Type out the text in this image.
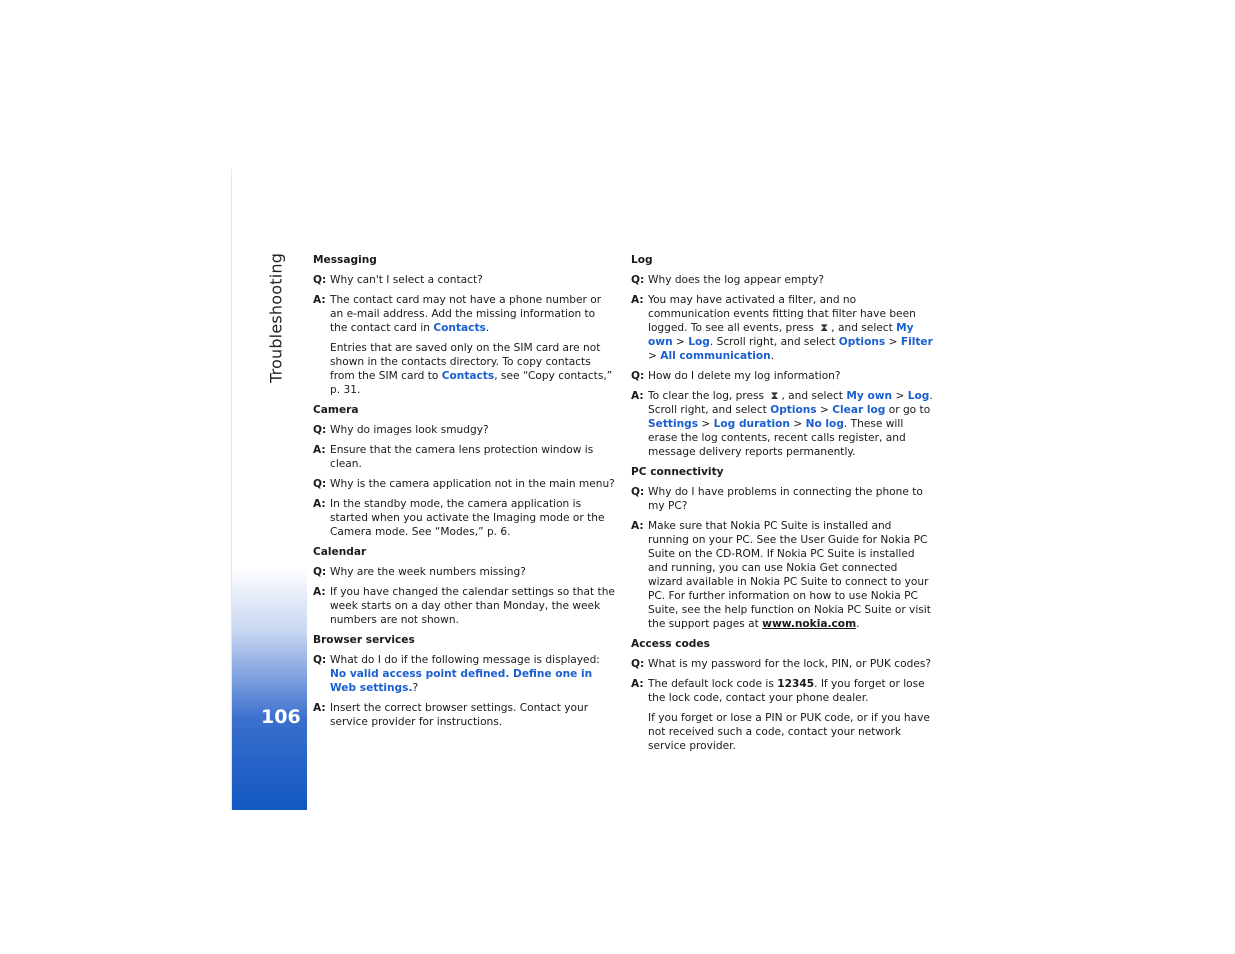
Troubleshooting
106
Messaging
Q: Why can't I select a contact?
A: The contact card may not have a phone number or an e-mail address. Add the missing information to the contact card in Contacts.
Entries that are saved only on the SIM card are not shown in the contacts directory. To copy contacts from the SIM card to Contacts, see “Copy contacts,” p. 31.
Camera
Q: Why do images look smudgy?
A: Ensure that the camera lens protection window is clean.
Q: Why is the camera application not in the main menu?
A: In the standby mode, the camera application is started when you activate the Imaging mode or the Camera mode. See “Modes,” p. 6.
Calendar
Q: Why are the week numbers missing?
A: If you have changed the calendar settings so that the week starts on a day other than Monday, the week numbers are not shown.
Browser services
Q: What do I do if the following message is displayed: No valid access point defined. Define one in Web settings.?
A: Insert the correct browser settings. Contact your service provider for instructions.
Log
Q: Why does the log appear empty?
A: You may have activated a filter, and no communication events fitting that filter have been logged. To see all events, press ⧗ , and select My own > Log. Scroll right, and select Options > Filter > All communication.
Q: How do I delete my log information?
A: To clear the log, press ⧗ , and select My own > Log. Scroll right, and select Options > Clear log or go to Settings > Log duration > No log. These will erase the log contents, recent calls register, and message delivery reports permanently.
PC connectivity
Q: Why do I have problems in connecting the phone to my PC?
A: Make sure that Nokia PC Suite is installed and running on your PC. See the User Guide for Nokia PC Suite on the CD-ROM. If Nokia PC Suite is installed and running, you can use Nokia Get connected wizard available in Nokia PC Suite to connect to your PC. For further information on how to use Nokia PC Suite, see the help function on Nokia PC Suite or visit the support pages at www.nokia.com.
Access codes
Q: What is my password for the lock, PIN, or PUK codes?
A: The default lock code is 12345. If you forget or lose the lock code, contact your phone dealer.
If you forget or lose a PIN or PUK code, or if you have not received such a code, contact your network service provider.
